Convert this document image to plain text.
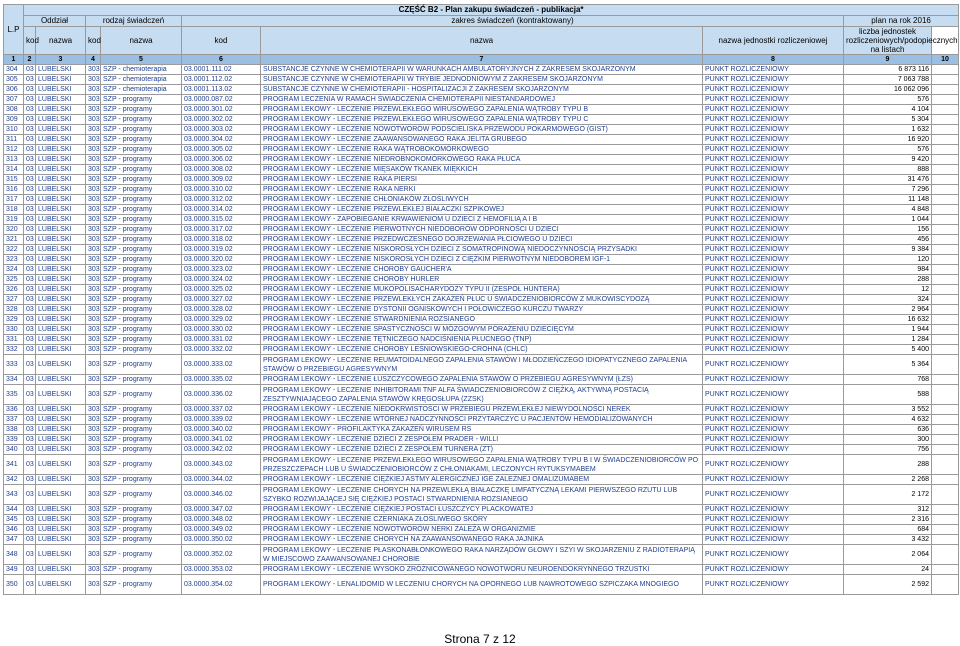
L.P	CZĘŚĆ B2 - Plan zakupu świadczeń - publikacja*									
	Oddział		rodzaj świadczeń		zakres świadczeń (kontraktowany)			plan na rok 2016	
	kod	nazwa	kod	nazwa	kod	nazwa	nazwa jednostki rozliczeniowej	liczba jednostek rozliczeniowych/podopiecznych na listach		
1	2	3	4	5	6	7	8	9	10	
304	03	LUBELSKI	303	SZP - chemioterapia	03.0001.111.02	SUBSTANCJE CZYNNE W CHEMIOTERAPII W WARUNKACH AMBULATORYJNYCH Z ZAKRESEM SKOJARZONYM	PUNKT ROZLICZENIOWY	6 873 116		
305	03	LUBELSKI	303	SZP - chemioterapia	03.0001.112.02	SUBSTANCJE CZYNNE W CHEMIOTERAPII W TRYBIE JEDNODNIOWYM Z ZAKRESEM SKOJARZONYM	PUNKT ROZLICZENIOWY	7 063 788		
306	03	LUBELSKI	303	SZP - chemioterapia	03.0001.113.02	SUBSTANCJE CZYNNE W CHEMIOTERAPII - HOSPITALIZACJI Z ZAKRESEM SKOJARZONYM	PUNKT ROZLICZENIOWY	16 062 096		
307	03	LUBELSKI	303	SZP - programy	03.0000.087.02	PROGRAM LECZENIA W RAMACH ŚWIADCZENIA CHEMIOTERAPII NIESTANDARDOWEJ	PUNKT ROZLICZENIOWY	576		
308	03	LUBELSKI	303	SZP - programy	03.0000.301.02	PROGRAM LEKOWY - LECZENIE PRZEWLEKŁEGO WIRUSOWEGO ZAPALENIA WĄTROBY TYPU B	PUNKT ROZLICZENIOWY	4 104		
309	03	LUBELSKI	303	SZP - programy	03.0000.302.02	PROGRAM LEKOWY - LECZENIE PRZEWLEKŁEGO WIRUSOWEGO ZAPALENIA WĄTROBY TYPU C	PUNKT ROZLICZENIOWY	5 304		
310	03	LUBELSKI	303	SZP - programy	03.0000.303.02	PROGRAM LEKOWY - LECZENIE NOWOTWORÓW PODŚCIELISKA PRZEWODU POKARMOWEGO (GIST)	PUNKT ROZLICZENIOWY	1 632		
311	03	LUBELSKI	303	SZP - programy	03.0000.304.02	PROGRAM LEKOWY - LECZENIE ZAAWANSOWANEGO RAKA JELITA GRUBEGO	PUNKT ROZLICZENIOWY	16 920		
312	03	LUBELSKI	303	SZP - programy	03.0000.305.02	PROGRAM LEKOWY - LECZENIE RAKA WĄTROBOKOMÓRKOWEGO	PUNKT ROZLICZENIOWY	576		
313	03	LUBELSKI	303	SZP - programy	03.0000.306.02	PROGRAM LEKOWY - LECZENIE NIEDROBNOKOMÓRKOWEGO RAKA PŁUCA	PUNKT ROZLICZENIOWY	9 420		
314	03	LUBELSKI	303	SZP - programy	03.0000.308.02	PROGRAM LEKOWY - LECZENIE MIĘSAKÓW TKANEK MIĘKKICH	PUNKT ROZLICZENIOWY	888		
315	03	LUBELSKI	303	SZP - programy	03.0000.309.02	PROGRAM LEKOWY - LECZENIE RAKA PIERSI	PUNKT ROZLICZENIOWY	31 476		
316	03	LUBELSKI	303	SZP - programy	03.0000.310.02	PROGRAM LEKOWY - LECZENIE RAKA NERKI	PUNKT ROZLICZENIOWY	7 296		
317	03	LUBELSKI	303	SZP - programy	03.0000.312.02	PROGRAM LEKOWY - LECZENIE CHŁONIAKÓW ZŁOŚLIWYCH	PUNKT ROZLICZENIOWY	11 148		
318	03	LUBELSKI	303	SZP - programy	03.0000.314.02	PROGRAM LEKOWY - LECZENIE PRZEWLEKŁEJ BIAŁACZKI SZPIKOWEJ	PUNKT ROZLICZENIOWY	4 848		
319	03	LUBELSKI	303	SZP - programy	03.0000.315.02	PROGRAM LEKOWY - ZAPOBIEGANIE KRWAWIENIOM U DZIECI Z HEMOFILIĄ A I B	PUNKT ROZLICZENIOWY	1 044		
320	03	LUBELSKI	303	SZP - programy	03.0000.317.02	PROGRAM LEKOWY - LECZENIE PIERWOTNYCH NIEDOBORÓW ODPORNOŚCI U DZIECI	PUNKT ROZLICZENIOWY	156		
321	03	LUBELSKI	303	SZP - programy	03.0000.318.02	PROGRAM LEKOWY - LECZENIE PRZEDWCZESNEGO DOJRZEWANIA PŁCIOWEGO U DZIECI	PUNKT ROZLICZENIOWY	456		
322	03	LUBELSKI	303	SZP - programy	03.0000.319.02	PROGRAM LEKOWY - LECZENIE NISKOROSŁYCH DZIECI Z SOMATROPINOWĄ NIEDOCZYNNOŚCIĄ PRZYSADKI	PUNKT ROZLICZENIOWY	9 384		
323	03	LUBELSKI	303	SZP - programy	03.0000.320.02	PROGRAM LEKOWY - LECZENIE NISKOROSŁYCH DZIECI Z CIĘŻKIM PIERWOTNYM NIEDOBOREM IGF-1	PUNKT ROZLICZENIOWY	120		
324	03	LUBELSKI	303	SZP - programy	03.0000.323.02	PROGRAM LEKOWY - LECZENIE CHOROBY GAUCHER'A	PUNKT ROZLICZENIOWY	984		
325	03	LUBELSKI	303	SZP - programy	03.0000.324.02	PROGRAM LEKOWY - LECZENIE CHOROBY HURLER	PUNKT ROZLICZENIOWY	288		
326	03	LUBELSKI	303	SZP - programy	03.0000.325.02	PROGRAM LEKOWY - LECZENIE MUKOPOLISACHARYDOZY TYPU II (ZESPÓŁ HUNTERA)	PUNKT ROZLICZENIOWY	12		
327	03	LUBELSKI	303	SZP - programy	03.0000.327.02	PROGRAM LEKOWY - LECZENIE PRZEWLEKŁYCH ZAKAŻEŃ PŁUC U ŚWIADCZENIOBIORCÓW Z MUKOWISCYDOZĄ	PUNKT ROZLICZENIOWY	324		
328	03	LUBELSKI	303	SZP - programy	03.0000.328.02	PROGRAM LEKOWY - LECZENIE DYSTONII OGNISKOWYCH I POŁOWICZEGO KURCZU TWARZY	PUNKT ROZLICZENIOWY	2 964		
329	03	LUBELSKI	303	SZP - programy	03.0000.329.02	PROGRAM LEKOWY - LECZENIE STWARDNIENIA ROZSIANEGO	PUNKT ROZLICZENIOWY	16 632		
330	03	LUBELSKI	303	SZP - programy	03.0000.330.02	PROGRAM LEKOWY - LECZENIE SPASTYCZNOŚCI W MÓZGOWYM PORAŻENIU DZIECIĘCYM	PUNKT ROZLICZENIOWY	1 944		
331	03	LUBELSKI	303	SZP - programy	03.0000.331.02	PROGRAM LEKOWY - LECZENIE TĘTNICZEGO NADCIŚNIENIA PŁUCNEGO (TNP)	PUNKT ROZLICZENIOWY	1 284		
332	03	LUBELSKI	303	SZP - programy	03.0000.332.02	PROGRAM LEKOWY - LECZENIE CHOROBY LEŚNIOWSKIEGO-CROHNA (CHLC)	PUNKT ROZLICZENIOWY	5 400		
333	03	LUBELSKI	303	SZP - programy	03.0000.333.02	PROGRAM LEKOWY - LECZENIE REUMATOIDALNEGO ZAPALENIA STAWÓW I MŁODZIEŃCZEGO IDIOPATYCZNEGO ZAPALENIA STAWÓW O PRZEBIEGU AGRESYWNYM	PUNKT ROZLICZENIOWY	5 364		
334	03	LUBELSKI	303	SZP - programy	03.0000.335.02	PROGRAM LEKOWY - LECZENIE ŁUSZCZYCOWEGO ZAPALENIA STAWÓW O PRZEBIEGU AGRESYWNYM (ŁZS)	PUNKT ROZLICZENIOWY	768		
335	03	LUBELSKI	303	SZP - programy	03.0000.336.02	PROGRAM LEKOWY - LECZENIE INHIBITORAMI TNF ALFA ŚWIADCZENIOBIORCÓW Z CIĘŻKĄ, AKTYWNĄ POSTACIĄ ZESZTYWNIAJĄCEGO ZAPALENIA STAWÓW KRĘGOSŁUPA (ZZSK)	PUNKT ROZLICZENIOWY	588		
336	03	LUBELSKI	303	SZP - programy	03.0000.337.02	PROGRAM LEKOWY - LECZENIE NIEDOKRWISTOŚCI W PRZEBIEGU PRZEWLEKŁEJ NIEWYDOLNOŚCI NEREK	PUNKT ROZLICZENIOWY	3 552		
337	03	LUBELSKI	303	SZP - programy	03.0000.339.02	PROGRAM LEKOWY - LECZENIE WTÓRNEJ NADCZYNNOŚCI PRZYTARCZYC U PACJENTÓW HEMODIALIZOWANYCH	PUNKT ROZLICZENIOWY	4 632		
338	03	LUBELSKI	303	SZP - programy	03.0000.340.02	PROGRAM LEKOWY - PROFILAKTYKA ZAKAŻEŃ WIRUSEM RS	PUNKT ROZLICZENIOWY	636		
339	03	LUBELSKI	303	SZP - programy	03.0000.341.02	PROGRAM LEKOWY - LECZENIE DZIECI Z ZESPOŁEM PRADER - WILLI	PUNKT ROZLICZENIOWY	300		
340	03	LUBELSKI	303	SZP - programy	03.0000.342.02	PROGRAM LEKOWY - LECZENIE DZIECI Z ZESPOŁEM TURNERA (ZT)	PUNKT ROZLICZENIOWY	756		
341	03	LUBELSKI	303	SZP - programy	03.0000.343.02	PROGRAM LEKOWY - LECZENIE PRZEWLEKŁEGO WIRUSOWEGO ZAPALENIA WĄTROBY TYPU B I W ŚWIADCZENIOBIORCÓW PO PRZESZCZEPACH LUB U ŚWIADCZENIOBIORCÓW Z CHŁONIAKAMI, LECZONYCH RYTUKSYMABEM	PUNKT ROZLICZENIOWY	288		
342	03	LUBELSKI	303	SZP - programy	03.0000.344.02	PROGRAM LEKOWY - LECZENIE CIĘŻKIEJ ASTMY ALERGICZNEJ IGE ZALEŻNEJ OMALIZUMABEM	PUNKT ROZLICZENIOWY	2 268		
343	03	LUBELSKI	303	SZP - programy	03.0000.346.02	PROGRAM LEKOWY - LECZENIE CHORYCH NA PRZEWLEKŁĄ BIAŁACZKĘ LIMFATYCZNĄ LEKAMI PIERWSZEGO RZUTU LUB SZYBKO ROZWIJAJĄCEJ SIĘ CIĘŻKIEJ POSTACI STWARDNIENIA ROZSIANEGO	PUNKT ROZLICZENIOWY	2 172		
344	03	LUBELSKI	303	SZP - programy	03.0000.347.02	PROGRAM LEKOWY - LECZENIE CIĘŻKIEJ POSTACI ŁUSZCZYCY PLACKOWATEJ	PUNKT ROZLICZENIOWY	312		
345	03	LUBELSKI	303	SZP - programy	03.0000.348.02	PROGRAM LEKOWY - LECZENIE CZERNIAKA ZŁOŚLIWEGO SKÓRY	PUNKT ROZLICZENIOWY	2 316		
346	03	LUBELSKI	303	SZP - programy	03.0000.349.02	PROGRAM LEKOWY - LECZENIE NOWOTWORÓW NERKI ZALEŻA W ORGANIZMIE	PUNKT ROZLICZENIOWY	684		
347	03	LUBELSKI	303	SZP - programy	03.0000.350.02	PROGRAM LEKOWY - LECZENIE CHORYCH NA ZAAWANSOWANEGO RAKA JAJNIKA	PUNKT ROZLICZENIOWY	3 432		
348	03	LUBELSKI	303	SZP - programy	03.0000.352.02	PROGRAM LEKOWY - LECZENIE PŁASKONABŁONKOWEGO RAKA NARZĄDÓW GŁOWY I SZYI W SKOJARZENIU Z RADIOTERAPIĄ W MIEJSCOWO ZAAWANSOWANEJ CHOROBIE	PUNKT ROZLICZENIOWY	2 064		
349	03	LUBELSKI	303	SZP - programy	03.0000.353.02	PROGRAM LEKOWY - LECZENIE WYSOKO ZRÓŻNICOWANEGO NOWOTWORU NEUROENDOKRYNNEGO TRZUSTKI	PUNKT ROZLICZENIOWY	24		
350	03	LUBELSKI	303	SZP - programy	03.0000.354.02	PROGRAM LEKOWY - LENALIDOMID W LECZENIU CHORYCH NA OPORNEGO LUB NAWROTOWEGO SZPICZAKA MNOGIEGO	PUNKT ROZLICZENIOWY	2 592		
Strona 7 z 12
